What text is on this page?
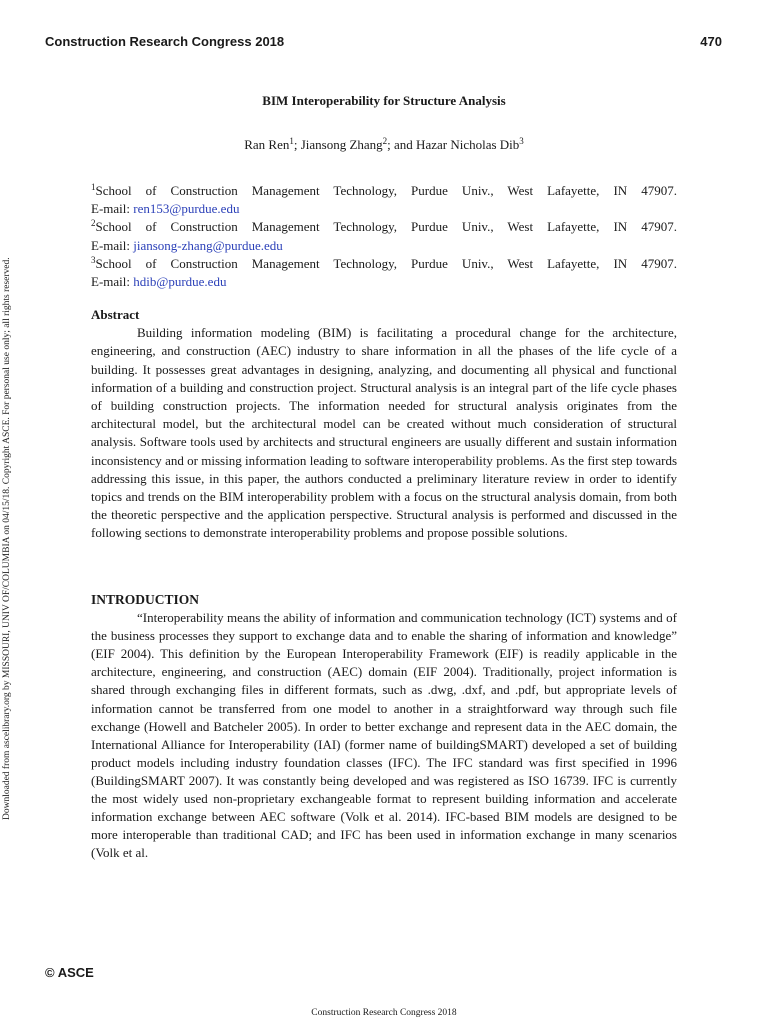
Construction Research Congress 2018	470
Downloaded from ascelibrary.org by MISSOURI, UNIV OF/COLUMBIA on 04/15/18. Copyright ASCE. For personal use only; all rights reserved.
BIM Interoperability for Structure Analysis
Ran Ren$^1$; Jiansong Zhang$^2$; and Hazar Nicholas Dib$^3$
$^1$School of Construction Management Technology, Purdue Univ., West Lafayette, IN 47907.
E-mail: ren153@purdue.edu
$^2$School of Construction Management Technology, Purdue Univ., West Lafayette, IN 47907.
E-mail: jiansong-zhang@purdue.edu
$^3$School of Construction Management Technology, Purdue Univ., West Lafayette, IN 47907.
E-mail: hdib@purdue.edu
Abstract

Building information modeling (BIM) is facilitating a procedural change for the architecture, engineering, and construction (AEC) industry to share information in all the phases of the life cycle of a building. It possesses great advantages in designing, analyzing, and documenting all physical and functional information of a building and construction project. Structural analysis is an integral part of the life cycle phases of building construction projects. The information needed for structural analysis originates from the architectural model, but the architectural model can be created without much consideration of structural analysis. Software tools used by architects and structural engineers are usually different and sustain information inconsistency and or missing information leading to software interoperability problems. As the first step towards addressing this issue, in this paper, the authors conducted a preliminary literature review in order to identify topics and trends on the BIM interoperability problem with a focus on the structural analysis domain, from both the theoretic perspective and the application perspective. Structural analysis is performed and discussed in the following sections to demonstrate interoperability problems and propose possible solutions.

INTRODUCTION

“Interoperability means the ability of information and communication technology (ICT) systems and of the business processes they support to exchange data and to enable the sharing of information and knowledge” (EIF 2004). This definition by the European Interoperability Framework (EIF) is readily applicable in the architecture, engineering, and construction (AEC) domain (EIF 2004). Traditionally, project information is shared through exchanging files in different formats, such as .dwg, .dxf, and .pdf, but appropriate levels of information cannot be transferred from one model to another in a straightforward way through such file exchange (Howell and Batcheler 2005). In order to better exchange and represent data in the AEC domain, the International Alliance for Interoperability (IAI) (former name of buildingSMART) developed a set of building product models including industry foundation classes (IFC). The IFC standard was first specified in 1996 (BuildingSMART 2007). It was constantly being developed and was registered as ISO 16739. IFC is currently the most widely used non-proprietary exchangeable format to represent building information and accelerate information exchange between AEC software (Volk et al. 2014). IFC-based BIM models are designed to be more interoperable than traditional CAD; and IFC has been used in information exchange in many scenarios (Volk et al.

© ASCE
Construction Research Congress 2018
